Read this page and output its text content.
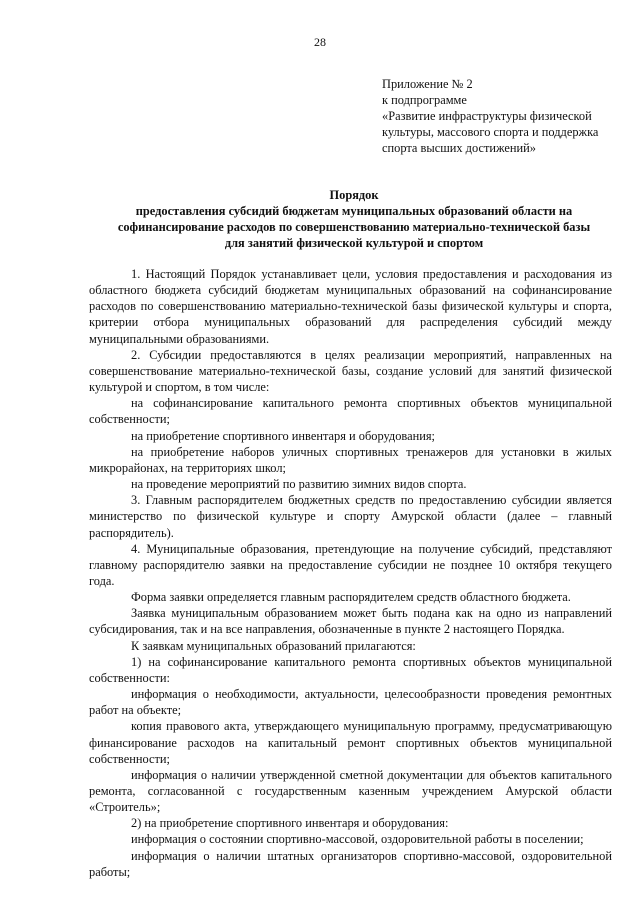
28
Приложение № 2
к подпрограмме
«Развитие инфраструктуры физической
культуры, массового спорта и поддержка
спорта высших достижений»
Порядок
предоставления субсидий бюджетам муниципальных образований области на
софинансирование расходов по совершенствованию материально-технической базы
для занятий физической культурой и спортом

1. Настоящий Порядок устанавливает цели, условия предоставления и расходования из областного бюджета субсидий бюджетам муниципальных образований на софинансирование расходов по совершенствованию материально-технической базы физической культуры и спорта, критерии отбора муниципальных образований для распределения субсидий между муниципальными образованиями.

2. Субсидии предоставляются в целях реализации мероприятий, направленных на совершенствование материально-технической базы, создание условий для занятий физической культурой и спортом, в том числе:

на софинансирование капитального ремонта спортивных объектов муниципальной собственности;

на приобретение спортивного инвентаря и оборудования;

на приобретение наборов уличных спортивных тренажеров для установки в жилых микрорайонах, на территориях школ;

на проведение мероприятий по развитию зимних видов спорта.

3. Главным распорядителем бюджетных средств по предоставлению субсидии является министерство по физической культуре и спорту Амурской области (далее – главный распорядитель).

4. Муниципальные образования, претендующие на получение субсидий, представляют главному распорядителю заявки на предоставление субсидии не позднее 10 октября текущего года.

Форма заявки определяется главным распорядителем средств областного бюджета.

Заявка муниципальным образованием может быть подана как на одно из направлений субсидирования, так и на все направления, обозначенные в пункте 2 настоящего Порядка.

К заявкам муниципальных образований прилагаются:

1) на софинансирование капитального ремонта спортивных объектов муниципальной собственности:

информация о необходимости, актуальности, целесообразности проведения ремонтных работ на объекте;

копия правового акта, утверждающего муниципальную программу, предусматривающую финансирование расходов на капитальный ремонт спортивных объектов муниципальной собственности;

информация о наличии утвержденной сметной документации для объектов капитального ремонта, согласованной с государственным казенным учреждением Амурской области «Строитель»;

2) на приобретение спортивного инвентаря и оборудования:

информация о состоянии спортивно-массовой, оздоровительной работы в поселении;

информация о наличии штатных организаторов спортивно-массовой, оздоровительной работы;
